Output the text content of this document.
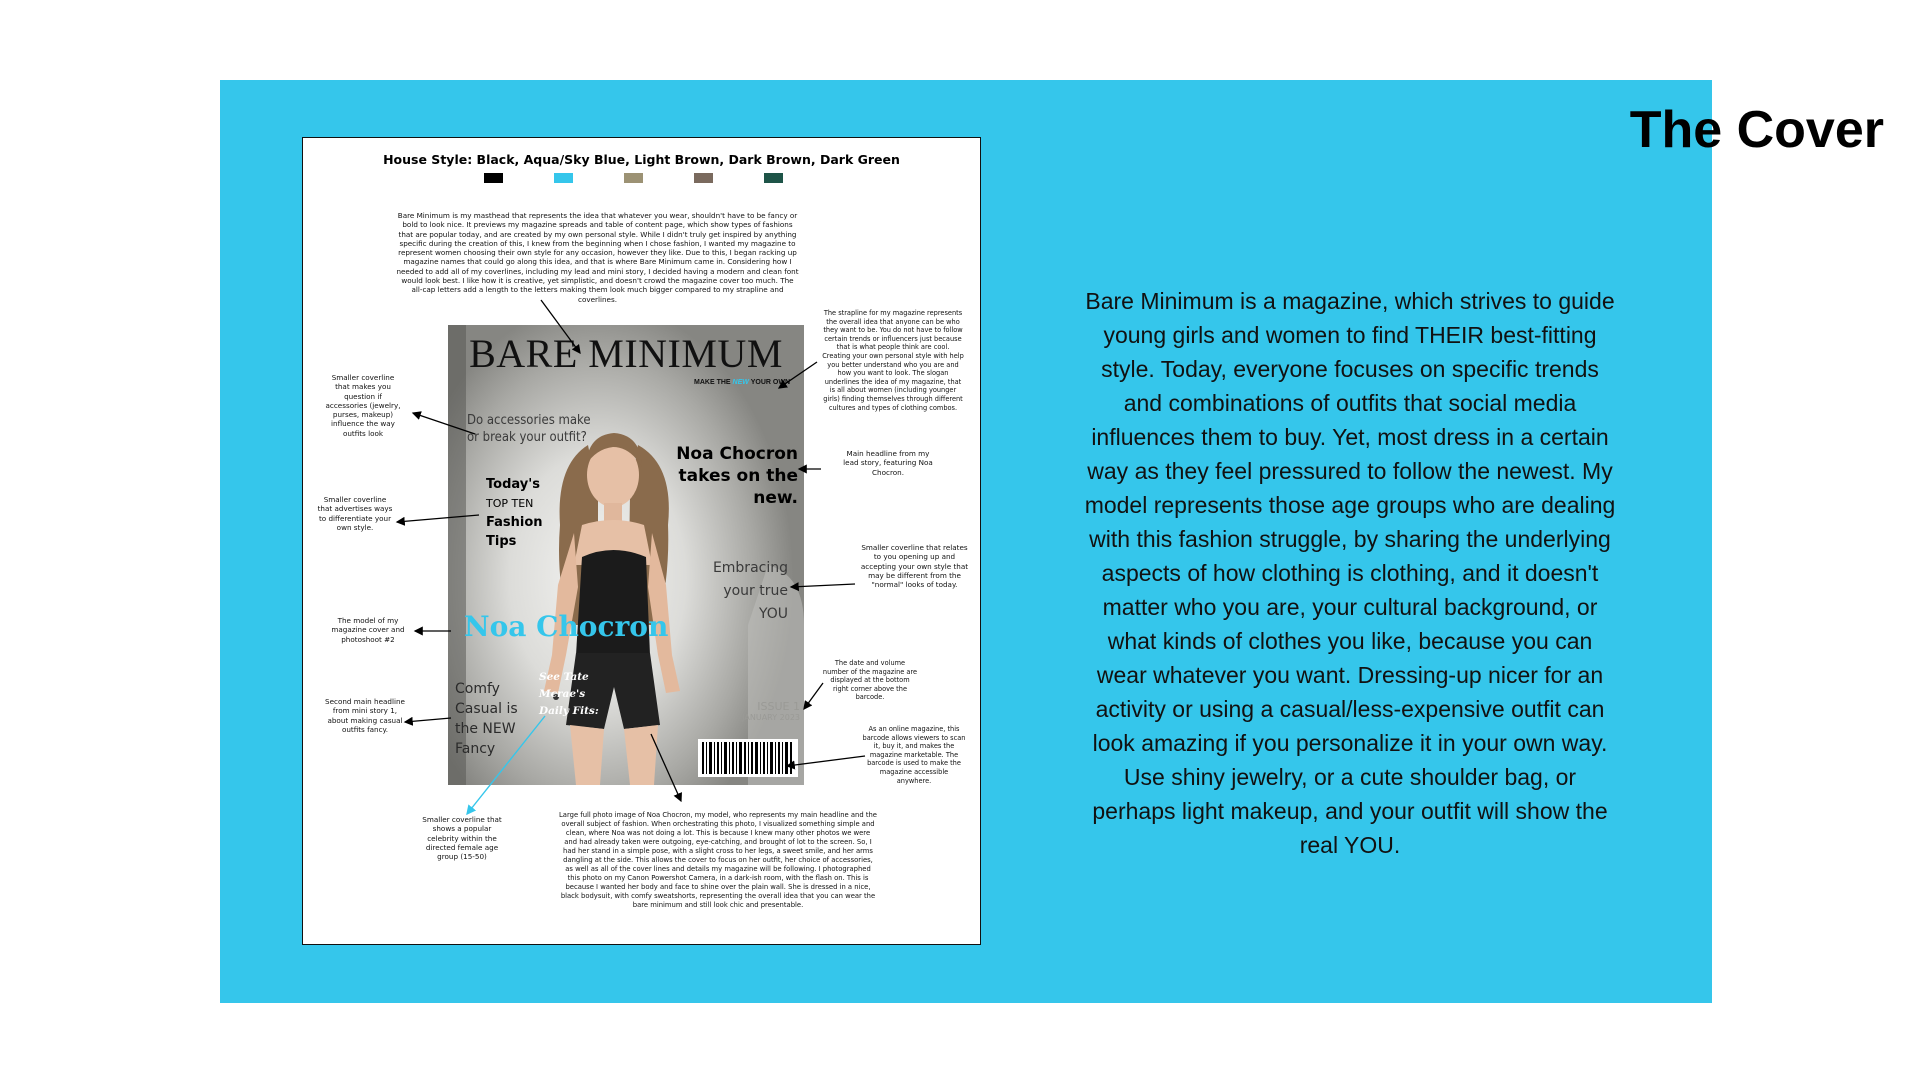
House Style: Black, Aqua/Sky Blue, Light Brown, Dark Brown, Dark Green
Bare Minimum is my masthead that represents the idea that whatever you wear, shouldn't have to be fancy or bold to look nice. It previews my magazine spreads and table of content page, which show types of fashions that are popular today, and are created by my own personal style. While I didn't truly get inspired by anything specific during the creation of this, I knew from the beginning when I chose fashion, I wanted my magazine to represent women choosing their own style for any occasion, however they like. Due to this, I began racking up magazine names that could go along this idea, and that is where Bare Minimum came in. Considering how I needed to add all of my coverlines, including my lead and mini story, I decided having a modern and clean font would look best. I like how it is creative, yet simplistic, and doesn't crowd the magazine cover too much. The all-cap letters add a length to the letters making them look much bigger compared to my strapline and coverlines.
The strapline for my magazine represents the overall idea that anyone can be who they want to be. You do not have to follow certain trends or influencers just because that is what people think are cool. Creating your own personal style with help you better understand who you are and how you want to look. The slogan underlines the idea of my magazine, that is all about women (including younger girls) finding themselves through different cultures and types of clothing combos.
Smaller coverline that makes you question if accessories (jewelry, purses, makeup) influence the way outfits look
Main headline from my lead story, featuring Noa Chocron.
Smaller coverline that advertises ways to differentiate your own style.
Smaller coverline that relates to you opening up and accepting your own style that may be different from the "normal" looks of today.
The model of my magazine cover and photoshoot #2
The date and volume number of the magazine are displayed at the bottom right corner above the barcode.
Second main headline from mini story 1, about making casual outfits fancy.	As an online magazine, this barcode allows viewers to scan it, buy it, and makes the magazine marketable. The barcode is used to make the magazine accessible anywhere.
Smaller coverline that shows a popular celebrity within the directed female age group (15-50)
Large full photo image of Noa Chocron, my model, who represents my main headline and the overall subject of fashion. When orchestrating this photo, I visualized something simple and clean, where Noa was not doing a lot. This is because I knew many other photos we were and had already taken were outgoing, eye-catching, and brought of lot to the screen. So, I had her stand in a simple pose, with a slight cross to her legs, a sweet smile, and her arms dangling at the side. This allows the cover to focus on her outfit, her choice of accessories, as well as all of the cover lines and details my magazine will be following. I photographed this photo on my Canon Powershot Camera, in a dark-ish room, with the flash on. This is because I wanted her body and face to shine over the plain wall. She is dressed in a nice, black bodysuit, with comfy sweatshorts, representing the overall idea that you can wear the bare minimum and still look chic and presentable.
BARE MINIMUM
MAKE THE NEW YOUR OWN
Do accessories make
or break your outfit?
Noa Chocron
takes on the
new.
Today's
TOP TEN
Fashion
Tips
Embracing
your true
YOU
Noa Chocron
Comfy
Casual is
the NEW
Fancy
See Tate
Mcrae's
Daily Fits:	ISSUE 1
JANUARY 2023
The Cover
Bare Minimum is a magazine, which strives to guide young girls and women to find THEIR best-fitting style. Today, everyone focuses on specific trends and combinations of outfits that social media influences them to buy. Yet, most dress in a certain way as they feel pressured to follow the newest. My model represents those age groups who are dealing with this fashion struggle, by sharing the underlying aspects of how clothing is clothing, and it doesn't matter who you are, your cultural background, or what kinds of clothes you like, because you can wear whatever you want. Dressing-up nicer for an activity or using a casual/less-expensive outfit can look amazing if you personalize it in your own way. Use shiny jewelry, or a cute shoulder bag, or perhaps light makeup, and your outfit will show the real YOU.
